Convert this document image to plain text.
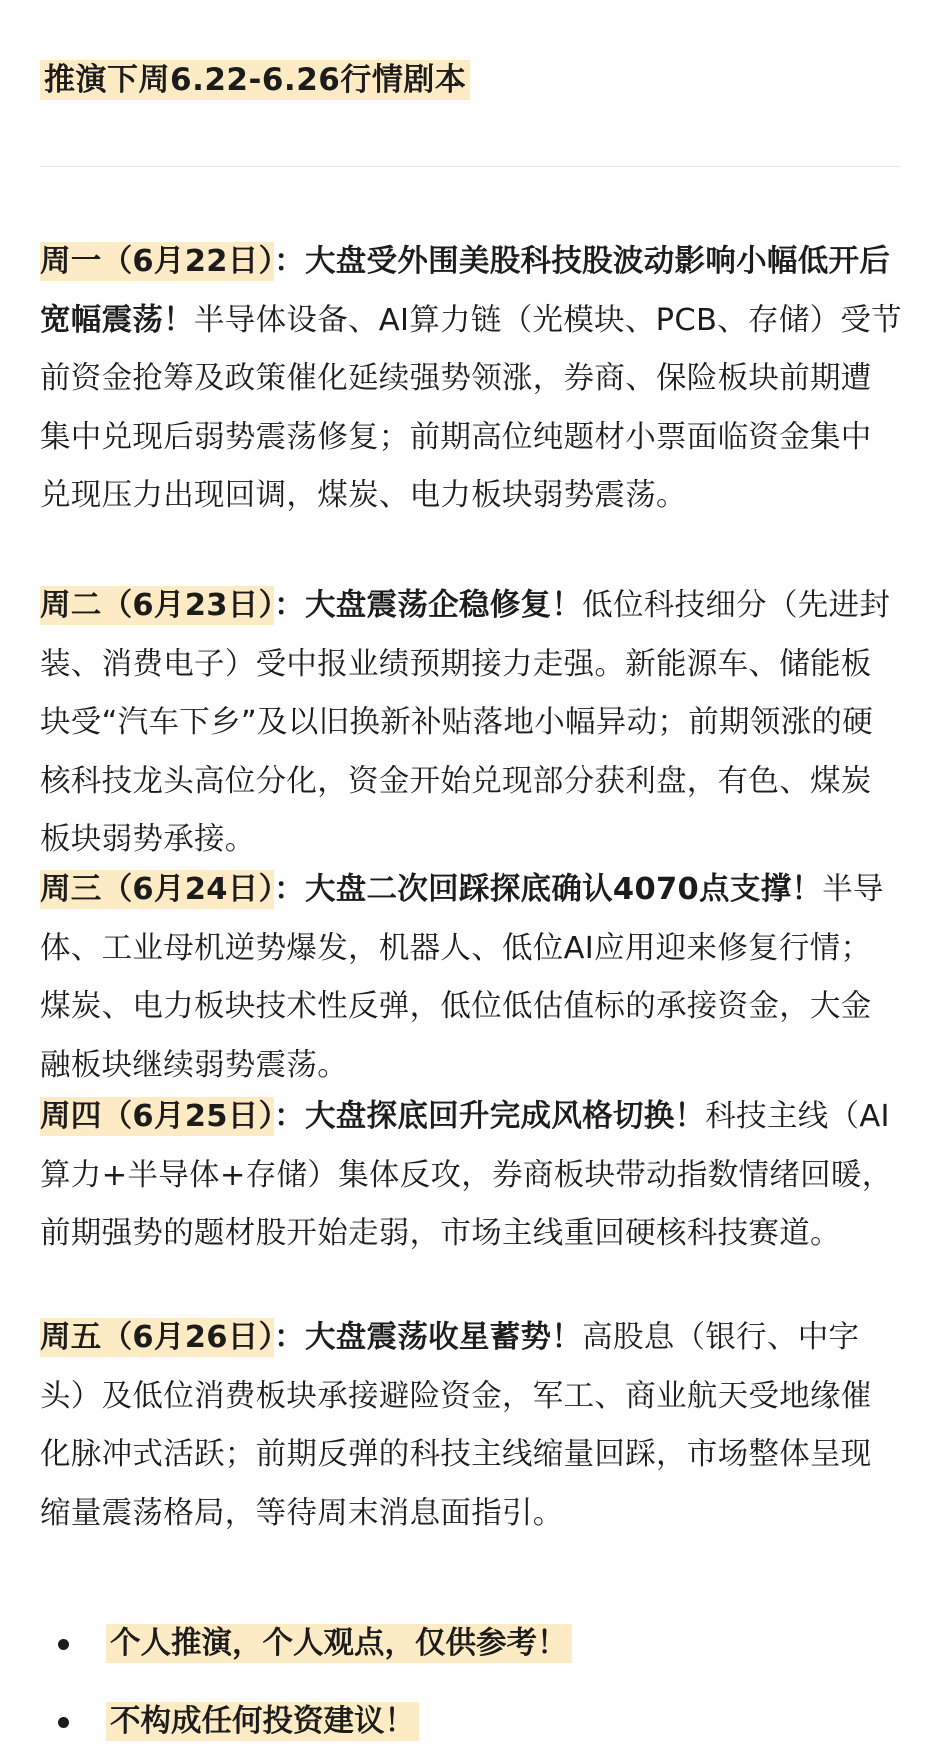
推演下周6.22-6.26行情剧本
周一（6月22日）：大盘受外围美股科技股波动影响小幅低开后宽幅震荡！半导体设备、AI算力链（光模块、PCB、存储）受节前资金抢筹及政策催化延续强势领涨，券商、保险板块前期遭集中兑现后弱势震荡修复；前期高位纯题材小票面临资金集中兑现压力出现回调，煤炭、电力板块弱势震荡。
周二（6月23日）：大盘震荡企稳修复！低位科技细分（先进封装、消费电子）受中报业绩预期接力走强。新能源车、储能板块受“汽车下乡”及以旧换新补贴落地小幅异动；前期领涨的硬核科技龙头高位分化，资金开始兑现部分获利盘，有色、煤炭板块弱势承接。
周三（6月24日）：大盘二次回踩探底确认4070点支撑！半导体、工业母机逆势爆发，机器人、低位AI应用迎来修复行情；煤炭、电力板块技术性反弹，低位低估值标的承接资金，大金融板块继续弱势震荡。
周四（6月25日）：大盘探底回升完成风格切换！科技主线（AI算力+半导体+存储）集体反攻，券商板块带动指数情绪回暖，前期强势的题材股开始走弱，市场主线重回硬核科技赛道。
周五（6月26日）：大盘震荡收星蓄势！高股息（银行、中字头）及低位消费板块承接避险资金，军工、商业航天受地缘催化脉冲式活跃；前期反弹的科技主线缩量回踩，市场整体呈现缩量震荡格局，等待周末消息面指引。
个人推演，个人观点，仅供参考！
不构成任何投资建议！
